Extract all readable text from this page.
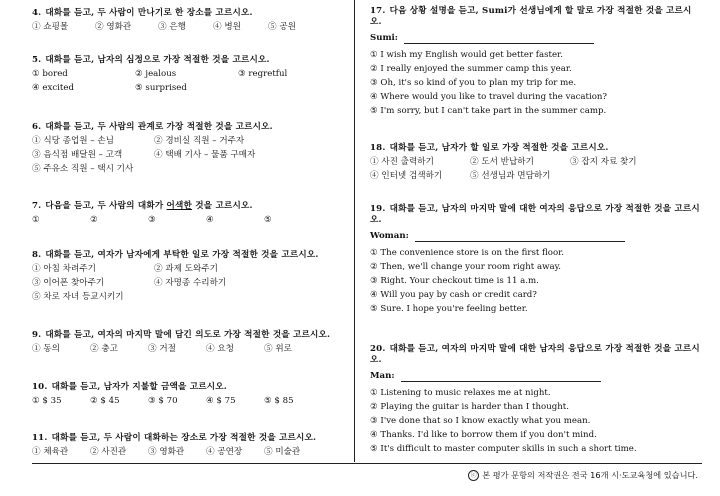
4. 대화를 듣고, 두 사람이 만나기로 한 장소를 고르시오.
① 쇼핑몰	② 영화관	③ 은행	④ 병원	⑤ 공원
5. 대화를 듣고, 남자의 심정으로 가장 적절한 것을 고르시오.
① bored	② jealous	③ regretful
④ excited	⑤ surprised
6. 대화를 듣고, 두 사람의 관계로 가장 적절한 것을 고르시오.
① 식당 종업원 – 손님	② 경비실 직원 – 거주자
③ 음식점 배달원 – 고객	④ 택배 기사 – 물품 구매자
⑤ 주유소 직원 – 택시 기사
7. 다음을 듣고, 두 사람의 대화가 어색한 것을 고르시오.
①	②	③	④	⑤
8. 대화를 듣고, 여자가 남자에게 부탁한 일로 가장 적절한 것을 고르시오.
① 아침 차려주기	② 과제 도와주기
③ 이어폰 찾아주기	④ 자명종 수리하기
⑤ 차로 자녀 등교시키기
9. 대화를 듣고, 여자의 마지막 말에 담긴 의도로 가장 적절한 것을 고르시오.
① 동의	② 충고	③ 거절	④ 요청	⑤ 위로
10. 대화를 듣고, 남자가 지불할 금액을 고르시오.
① $ 35	② $ 45	③ $ 70	④ $ 75	⑤ $ 85
11. 대화를 듣고, 두 사람이 대화하는 장소로 가장 적절한 것을 고르시오.
① 체육관	② 사진관	③ 영화관	④ 공연장	⑤ 미술관
17. 다음 상황 설명을 듣고, Sumi가 선생님에게 할 말로 가장 적절한 것을 고르시오.
Sumi:
① I wish my English would get better faster.
② I really enjoyed the summer camp this year.
③ Oh, it's so kind of you to plan my trip for me.
④ Where would you like to travel during the vacation?
⑤ I'm sorry, but I can't take part in the summer camp.
18. 대화를 듣고, 남자가 할 일로 가장 적절한 것을 고르시오.
① 사진 출력하기	② 도서 반납하기	③ 잡지 자료 찾기
④ 인터넷 검색하기	⑤ 선생님과 면담하기
19. 대화를 듣고, 남자의 마지막 말에 대한 여자의 응답으로 가장 적절한 것을 고르시오.
Woman:
① The convenience store is on the first floor.
② Then, we'll change your room right away.
③ Right. Your checkout time is 11 a.m.
④ Will you pay by cash or credit card?
⑤ Sure. I hope you're feeling better.
20. 대화를 듣고, 여자의 마지막 말에 대한 남자의 응답으로 가장 적절한 것을 고르시오.
Man:
① Listening to music relaxes me at night.
② Playing the guitar is harder than I thought.
③ I've done that so I know exactly what you mean.
④ Thanks. I'd like to borrow them if you don't mind.
⑤ It's difficult to master computer skills in such a short time.
ⓒ 본 평가 문항의 저작권은 전국 16개 시·도교육청에 있습니다.
